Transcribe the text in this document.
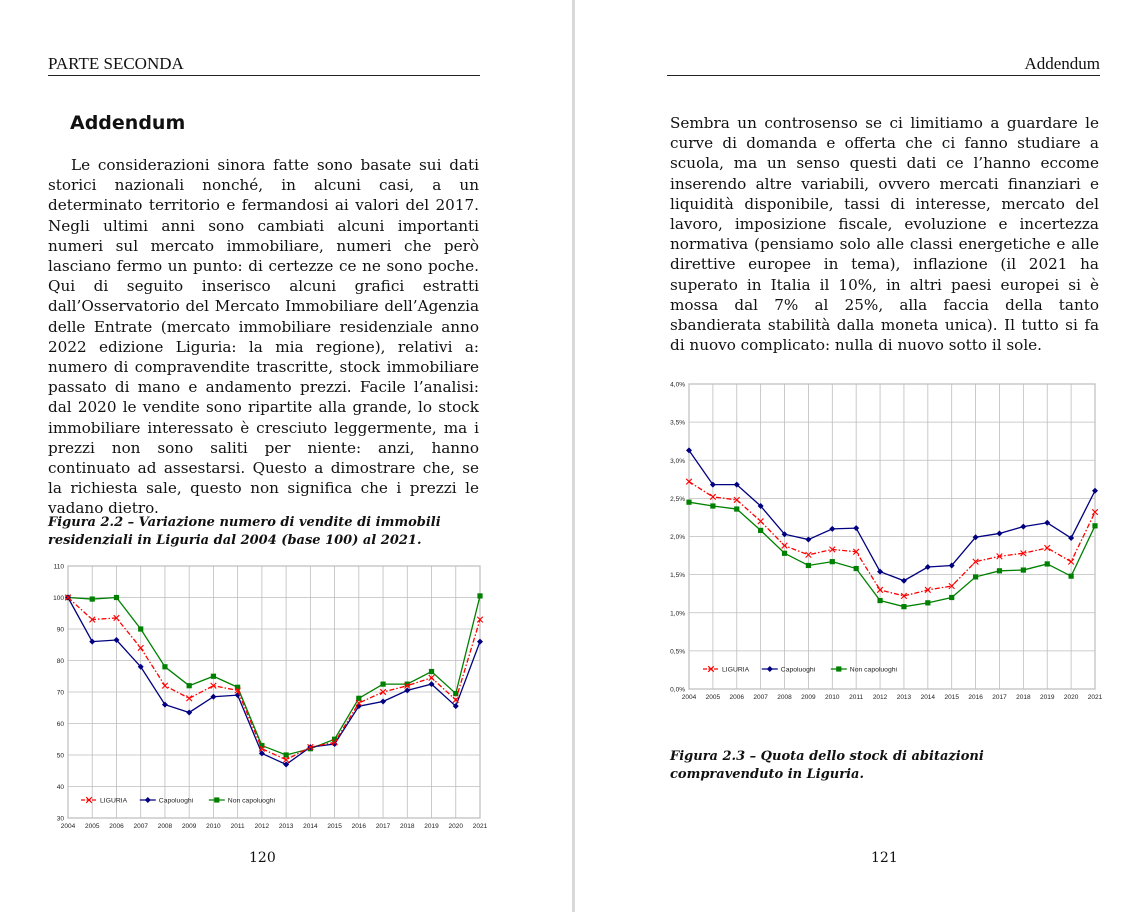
PARTE SECONDA
Addendum
Le considerazioni sinora fatte sono basate sui dati storici nazionali nonché, in alcuni casi, a un determinato territorio e fermandosi ai valori del 2017. Negli ultimi anni sono cambiati alcuni importanti numeri sul mercato immobiliare, numeri che però lasciano fermo un punto: di certezze ce ne sono poche. Qui di seguito inserisco alcuni grafici estratti dall’Osservatorio del Mercato Immobiliare dell’Agenzia delle Entrate (mercato immobiliare residenziale anno 2022 edizione Liguria: la mia regione), relativi a: numero di compravendite trascritte, stock immobiliare passato di mano e andamento prezzi. Facile l’analisi: dal 2020 le vendite sono ripartite alla grande, lo stock immobiliare interessato è cresciuto leggermente, ma i prezzi non sono saliti per niente: anzi, hanno continuato ad assestarsi. Questo a dimostrare che, se la richiesta sale, questo non significa che i prezzi le vadano dietro.
Figura 2.2 – Variazione numero di vendite di immobili residenziali in Liguria dal 2004 (base 100) al 2021.
30
40
50
60
70
80
90
100
110
2004 2005 2006 2007 2008 2009 2010 2011 2012 2013 2014 2015 2016 2017 2018 2019 2020 2021
LIGURIA	Capoluoghi	Non capoluoghi
120
Addendum
Sembra un controsenso se ci limitiamo a guardare le curve di domanda e offerta che ci fanno studiare a scuola, ma un senso questi dati ce l’hanno eccome inserendo altre variabili, ovvero mercati finanziari e liquidità disponibile, tassi di interesse, mercato del lavoro, imposizione fiscale, evoluzione e incertezza normativa (pensiamo solo alle classi energetiche e alle direttive europee in tema), inflazione (il 2021 ha superato in Italia il 10%, in altri paesi europei si è mossa dal 7% al 25%, alla faccia della tanto sbandierata stabilità dalla moneta unica). Il tutto si fa di nuovo complicato: nulla di nuovo sotto il sole.
0,0%
0,5%
1,0%
1,5%
2,0%
2,5%
3,0%
3,5%
4,0%
2004 2005 2006 2007 2008 2009 2010 2011 2012 2013 2014 2015 2016 2017 2018 2019 2020 2021
LIGURIA	Capoluoghi	Non capoluoghi
Figura 2.3 – Quota dello stock di abitazioni compravenduto in Liguria.
121
